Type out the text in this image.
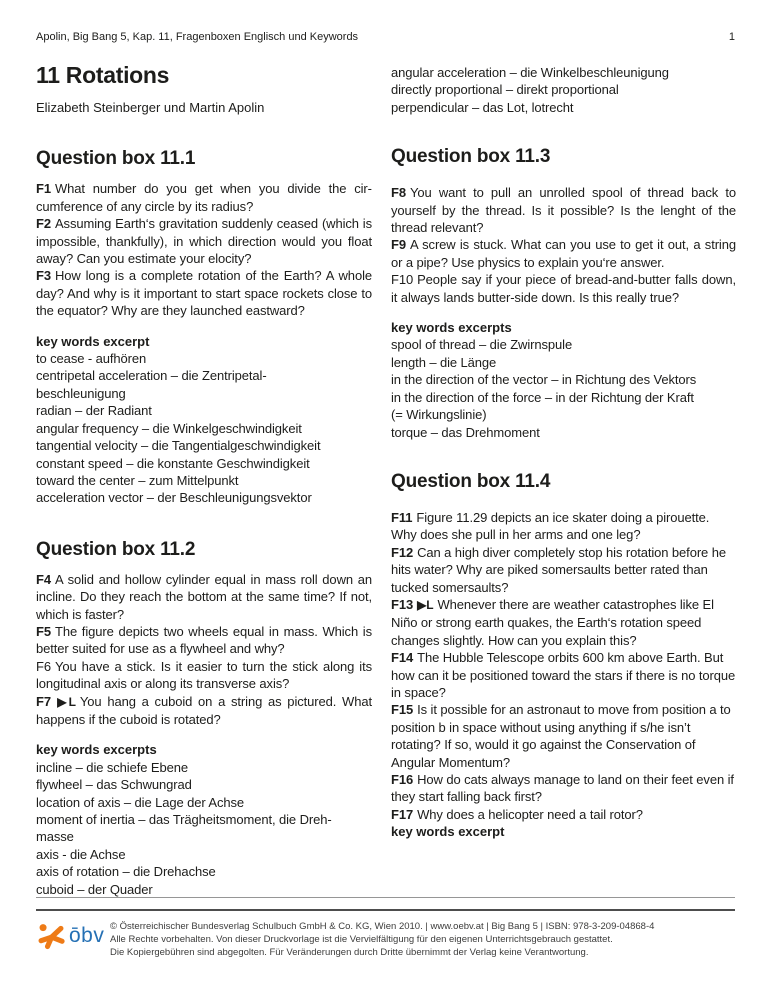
Apolin, Big Bang 5, Kap. 11, Fragenboxen Englisch und Keywords	1
11 Rotations
Elizabeth Steinberger und Martin Apolin
Question box 11.1

F1 What number do you get when you divide the circumference of any circle by its radius?

F2 Assuming Earth‘s gravitation suddenly ceased (which is impossible, thankfully), in which direction would you float away? Can you estimate your elocity?

F3 How long is a complete rotation of the Earth? A whole day? And why is it important to start space rockets close to the equator? Why are they launched eastward?

key words excerpt
to cease - aufhören
centripetal acceleration – die Zentripetal-
beschleunigung
radian – der Radiant
angular frequency – die Winkelgeschwindigkeit
tangential velocity – die Tangentialgeschwindigkeit
constant speed – die konstante Geschwindigkeit
toward the center – zum Mittelpunkt
acceleration vector – der Beschleunigungsvektor
Question box 11.2

F4 A solid and hollow cylinder equal in mass roll down an incline. Do they reach the bottom at the same time? If not, which is faster?

F5 The figure depicts two wheels equal in mass. Which is better suited for use as a flywheel and why?

F6 You have a stick. Is it easier to turn the stick along its longitudinal axis or along its transverse axis?

F7 ▶L You hang a cuboid on a string as pictured. What happens if the cuboid is rotated?

key words excerpts
incline – die schiefe Ebene
flywheel – das Schwungrad
location of axis – die Lage der Achse
moment of inertia – das Trägheitsmoment, die Dreh-
masse
axis - die Achse
axis of rotation – die Drehachse
cuboid – der Quader
angular acceleration – die Winkelbeschleunigung
directly proportional – direkt proportional
perpendicular – das Lot, lotrecht
Question box 11.3

F8 You want to pull an unrolled spool of thread back to yourself by the thread. Is it possible? Is the lenght of the thread relevant?

F9 A screw is stuck. What can you use to get it out, a string or a pipe? Use physics to explain you‘re answer.

F10 People say if your piece of bread-and-butter falls down, it always lands butter-side down. Is this really true?

key words excerpts
spool of thread – die Zwirnspule
length – die Länge
in the direction of the vector – in Richtung des Vektors
in the direction of the force – in der Richtung der Kraft
(= Wirkungslinie)
torque – das Drehmoment
Question box 11.4

F11 Figure 11.29 depicts an ice skater doing a pirouette. Why does she pull in her arms and one leg?

F12 Can a high diver completely stop his rotation before he hits water? Why are piked somersaults better rated than tucked somersaults?

F13 ▶L Whenever there are weather catastrophes like El Niño or strong earth quakes, the Earth‘s rotation speed changes slightly. How can you explain this?

F14 The Hubble Telescope orbits 600 km above Earth. But how can it be positioned toward the stars if there is no torque in space?

F15 Is it possible for an astronaut to move from position a to position b in space without using anything if s/he isn’t rotating? If so, would it go against the Conservation of Angular Momentum?

F16 How do cats always manage to land on their feet even if they start falling back first?

F17 Why does a helicopter need a tail rotor?

key words excerpt
ōbv © Österreichischer Bundesverlag Schulbuch GmbH & Co. KG, Wien 2010. | www.oebv.at | Big Bang 5 | ISBN: 978-3-209-04868-4
Alle Rechte vorbehalten. Von dieser Druckvorlage ist die Vervielfältigung für den eigenen Unterrichtsgebrauch gestattet.
Die Kopiergebühren sind abgegolten. Für Veränderungen durch Dritte übernimmt der Verlag keine Verantwortung.
